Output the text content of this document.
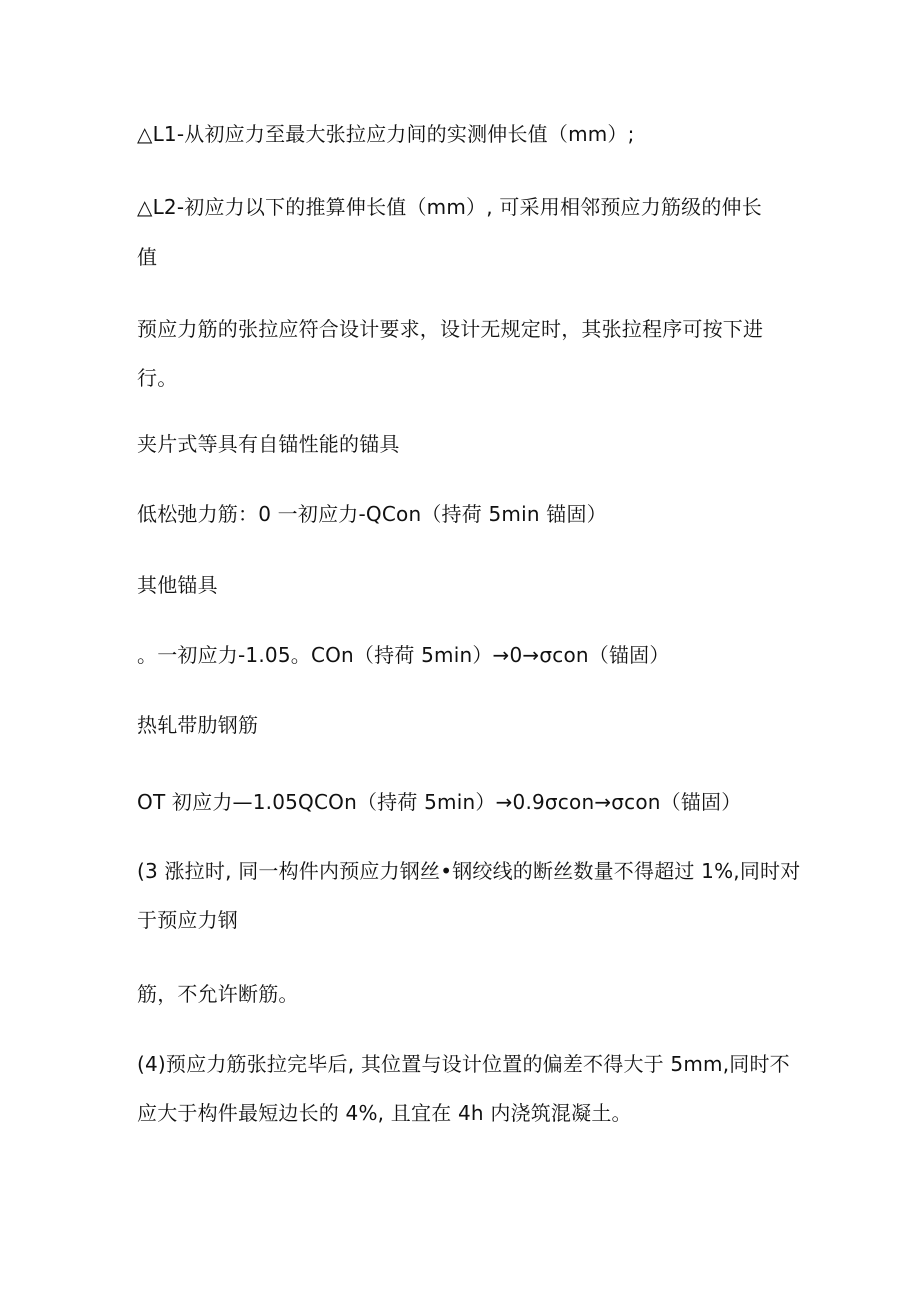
△L1-从初应力至最大张拉应力间的实测伸长值（mm）;
△L2-初应力以下的推算伸长值（mm）, 可采用相邻预应力筋级的伸长
值
预应力筋的张拉应符合设计要求，设计无规定时，其张拉程序可按下进
行。
夹片式等具有自锚性能的锚具
低松弛力筋：0 一初应力-QCon（持荷 5min 锚固）
其他锚具
。一初应力-1.05。COn（持荷 5min）→0→σcon（锚固）
热轧带肋钢筋
OT 初应力—1.05QCOn（持荷 5min）→0.9σcon→σcon（锚固）
(3 涨拉时, 同一构件内预应力钢丝•钢绞线的断丝数量不得超过 1%,同时对
于预应力钢
筋，不允许断筋。
(4)预应力筋张拉完毕后, 其位置与设计位置的偏差不得大于 5mm,同时不
应大于构件最短边长的 4%, 且宜在 4h 内浇筑混凝土。
